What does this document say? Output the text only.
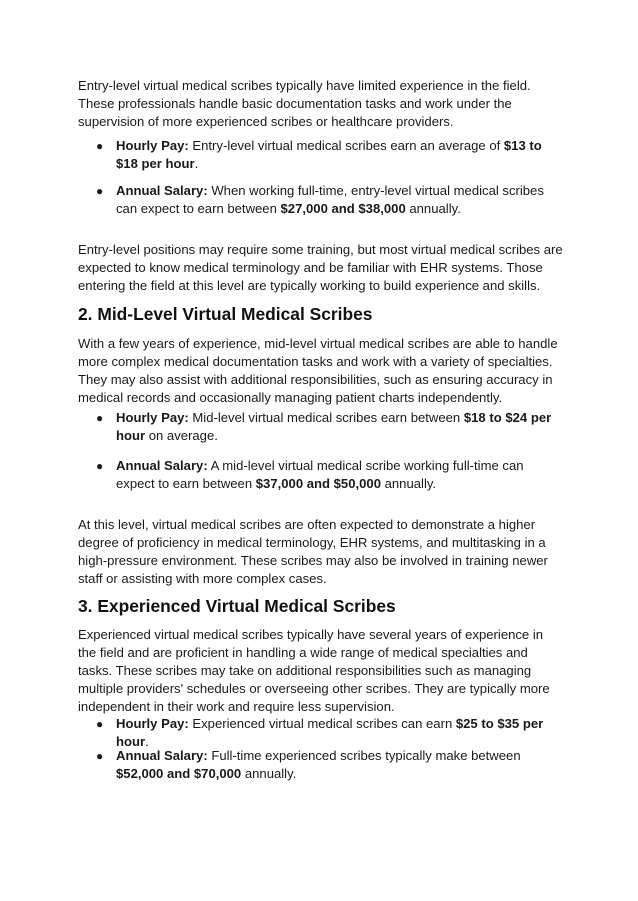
Entry-level virtual medical scribes typically have limited experience in the field. These professionals handle basic documentation tasks and work under the supervision of more experienced scribes or healthcare providers.

● Hourly Pay: Entry-level virtual medical scribes earn an average of $13 to $18 per hour.

● Annual Salary: When working full-time, entry-level virtual medical scribes can expect to earn between $27,000 and $38,000 annually.

Entry-level positions may require some training, but most virtual medical scribes are expected to know medical terminology and be familiar with EHR systems. Those entering the field at this level are typically working to build experience and skills.

2. Mid-Level Virtual Medical Scribes

With a few years of experience, mid-level virtual medical scribes are able to handle more complex medical documentation tasks and work with a variety of specialties. They may also assist with additional responsibilities, such as ensuring accuracy in medical records and occasionally managing patient charts independently.

● Hourly Pay: Mid-level virtual medical scribes earn between $18 to $24 per hour on average.

● Annual Salary: A mid-level virtual medical scribe working full-time can expect to earn between $37,000 and $50,000 annually.

At this level, virtual medical scribes are often expected to demonstrate a higher degree of proficiency in medical terminology, EHR systems, and multitasking in a high-pressure environment. These scribes may also be involved in training newer staff or assisting with more complex cases.

3. Experienced Virtual Medical Scribes

Experienced virtual medical scribes typically have several years of experience in the field and are proficient in handling a wide range of medical specialties and tasks. These scribes may take on additional responsibilities such as managing multiple providers' schedules or overseeing other scribes. They are typically more independent in their work and require less supervision.

● Hourly Pay: Experienced virtual medical scribes can earn $25 to $35 per hour.

● Annual Salary: Full-time experienced scribes typically make between $52,000 and $70,000 annually.
